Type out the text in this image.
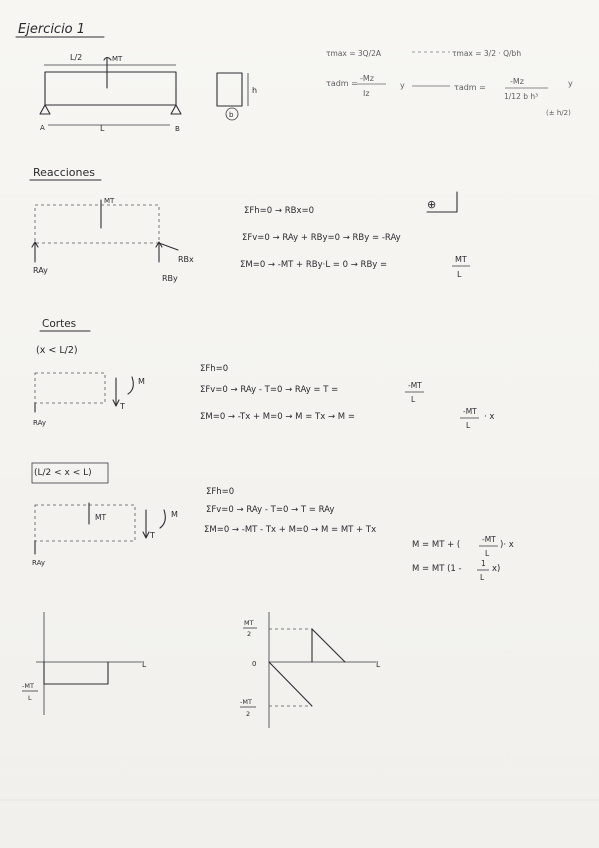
Ejercicio 1
L/2	MT
A	L	B
h
b
τmax = 3Q/2A	τmax = 3/2 · Q/bh
τadm =
-Mz
Iz
y	τadm =
-Mz
1/12 b h³
y
(± h/2)
Reacciones
MT
RBx
RAy
RBy
ΣFh=0 → RBx=0
ΣFv=0 → RAy + RBy=0 → RBy = -RAy
ΣM=0 → -MT + RBy·L = 0 → RBy =
MT
L
⊕
Cortes
(x < L/2)
RAy
T
M
ΣFh=0
ΣFv=0 → RAy - T=0 → RAy = T =	-MT
L
ΣM=0 → -Tx + M=0 → M = Tx → M =
-MT
L
· x
(L/2 < x < L)
MT
RAy
T
M
ΣFh=0
ΣFv=0 → RAy - T=0 → T = RAy
ΣM=0 → -MT - Tx + M=0 → M = MT + Tx
M = MT + (
-MT
L
)· x
M = MT (1 -
1
L
x)
L
-MT
L
L
MT
2
0
-MT
2
